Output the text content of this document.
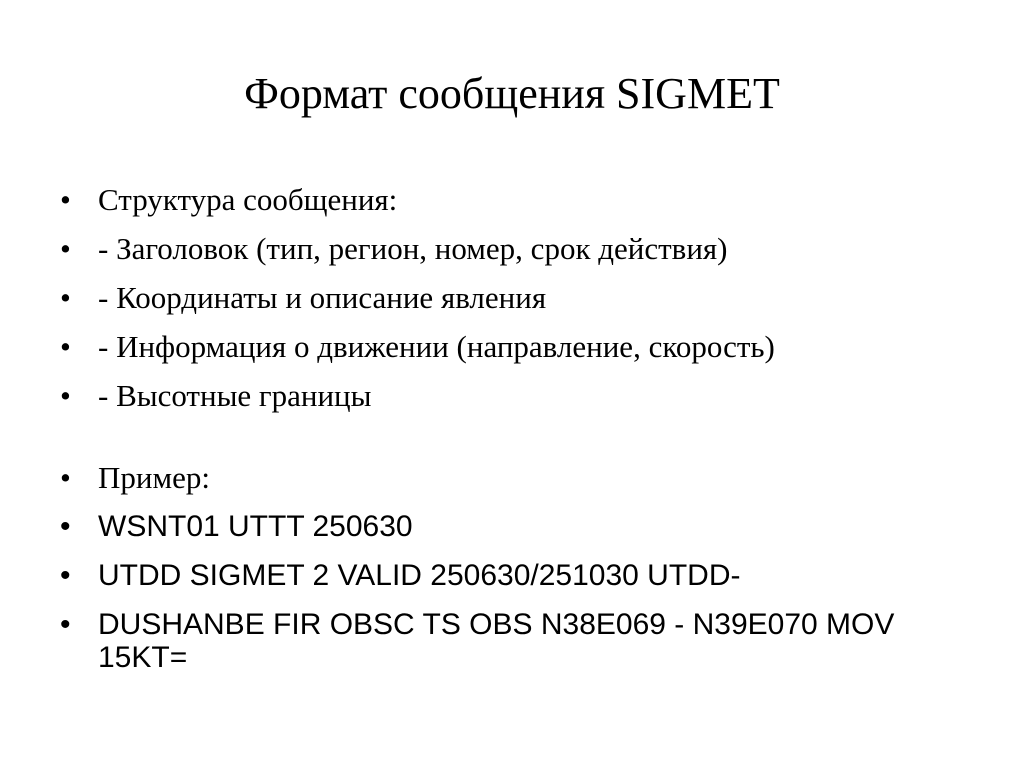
Формат сообщения SIGMET
• Структура сообщения:
• - Заголовок (тип, регион, номер, срок действия)
• - Координаты и описание явления
• - Информация о движении (направление, скорость)
• - Высотные границы
• Пример:
• WSNT01 UTTT 250630
• UTDD SIGMET 2 VALID 250630/251030 UTDD-
• DUSHANBE FIR OBSC TS OBS N38E069 - N39E070 MOV 15KT=
